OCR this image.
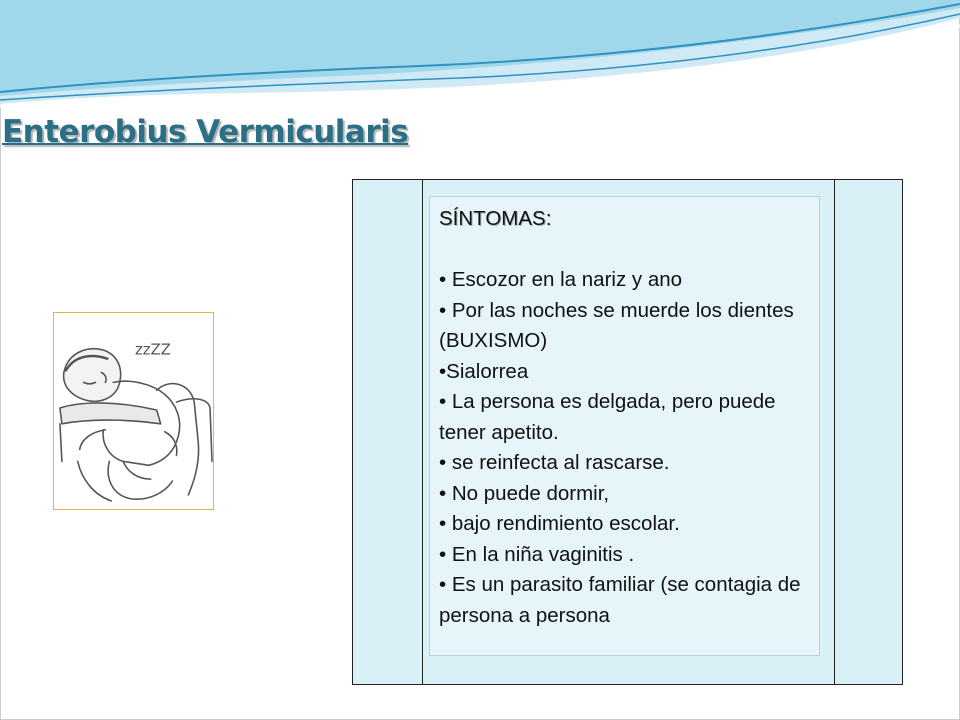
Enterobius Vermicularis
zzZZ
SÍNTOMAS:
• Escozor en la nariz y ano
• Por las noches se muerde los dientes (BUXISMO)
•Sialorrea
• La persona es delgada, pero puede tener apetito.
• se reinfecta al rascarse.
• No puede dormir,
• bajo rendimiento escolar.
• En la niña vaginitis .
• Es un parasito familiar (se contagia de persona a persona
